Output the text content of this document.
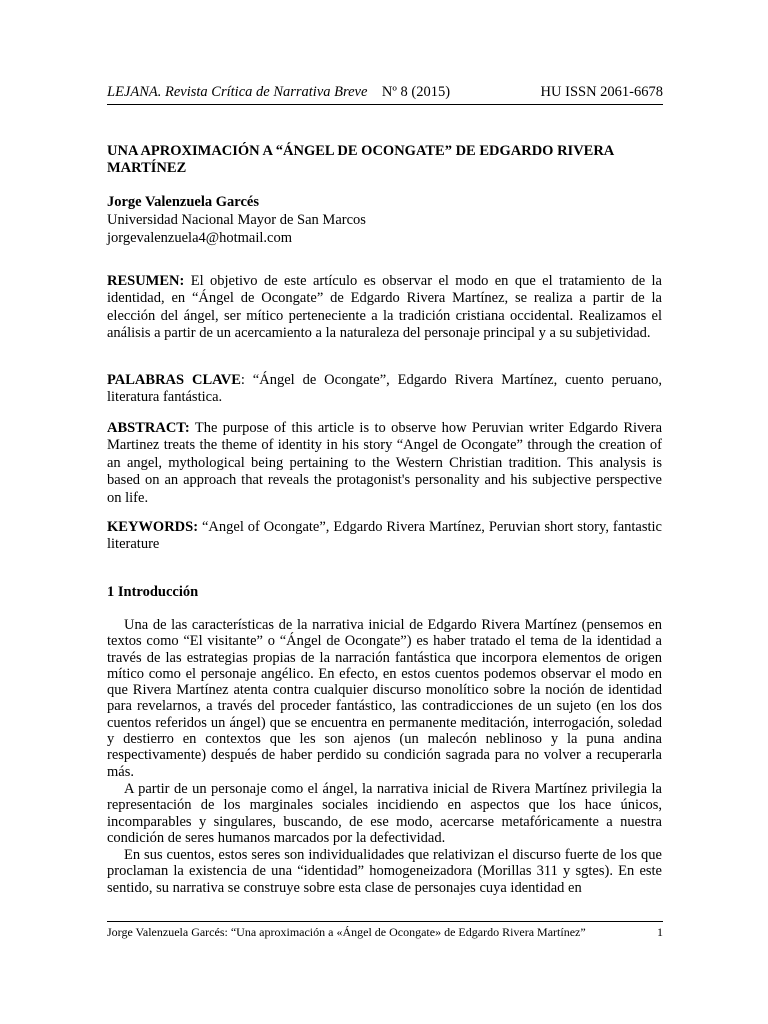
LEJANA. Revista Crítica de Narrativa Breve Nº 8 (2015)	HU ISSN 2061-6678
UNA APROXIMACIÓN A “ÁNGEL DE OCONGATE” DE EDGARDO RIVERA MARTÍNEZ
Jorge Valenzuela Garcés
Universidad Nacional Mayor de San Marcos
jorgevalenzuela4@hotmail.com

RESUMEN: El objetivo de este artículo es observar el modo en que el tratamiento de la identidad, en “Ángel de Ocongate” de Edgardo Rivera Martínez, se realiza a partir de la elección del ángel, ser mítico perteneciente a la tradición cristiana occidental. Realizamos el análisis a partir de un acercamiento a la naturaleza del personaje principal y a su subjetividad.

PALABRAS CLAVE: “Ángel de Ocongate”, Edgardo Rivera Martínez, cuento peruano, literatura fantástica.

ABSTRACT: The purpose of this article is to observe how Peruvian writer Edgardo Rivera Martinez treats the theme of identity in his story “Angel de Ocongate” through the creation of an angel, mythological being pertaining to the Western Christian tradition. This analysis is based on an approach that reveals the protagonist's personality and his subjective perspective on life.

KEYWORDS: “Angel of Ocongate”, Edgardo Rivera Martínez, Peruvian short story, fantastic literature

1 Introducción

Una de las características de la narrativa inicial de Edgardo Rivera Martínez (pensemos en textos como “El visitante” o “Ángel de Ocongate”) es haber tratado el tema de la identidad a través de las estrategias propias de la narración fantástica que incorpora elementos de origen mítico como el personaje angélico. En efecto, en estos cuentos podemos observar el modo en que Rivera Martínez atenta contra cualquier discurso monolítico sobre la noción de identidad para revelarnos, a través del proceder fantástico, las contradicciones de un sujeto (en los dos cuentos referidos un ángel) que se encuentra en permanente meditación, interrogación, soledad y destierro en contextos que les son ajenos (un malecón neblinoso y la puna andina respectivamente) después de haber perdido su condición sagrada para no volver a recuperarla más.

A partir de un personaje como el ángel, la narrativa inicial de Rivera Martínez privilegia la representación de los marginales sociales incidiendo en aspectos que los hace únicos, incomparables y singulares, buscando, de ese modo, acercarse metafóricamente a nuestra condición de seres humanos marcados por la defectividad.

En sus cuentos, estos seres son individualidades que relativizan el discurso fuerte de los que proclaman la existencia de una “identidad” homogeneizadora (Morillas 311 y sgtes). En este sentido, su narrativa se construye sobre esta clase de personajes cuya identidad en

Jorge Valenzuela Garcés: “Una aproximación a «Ángel de Ocongate» de Edgardo Rivera Martínez”	1
